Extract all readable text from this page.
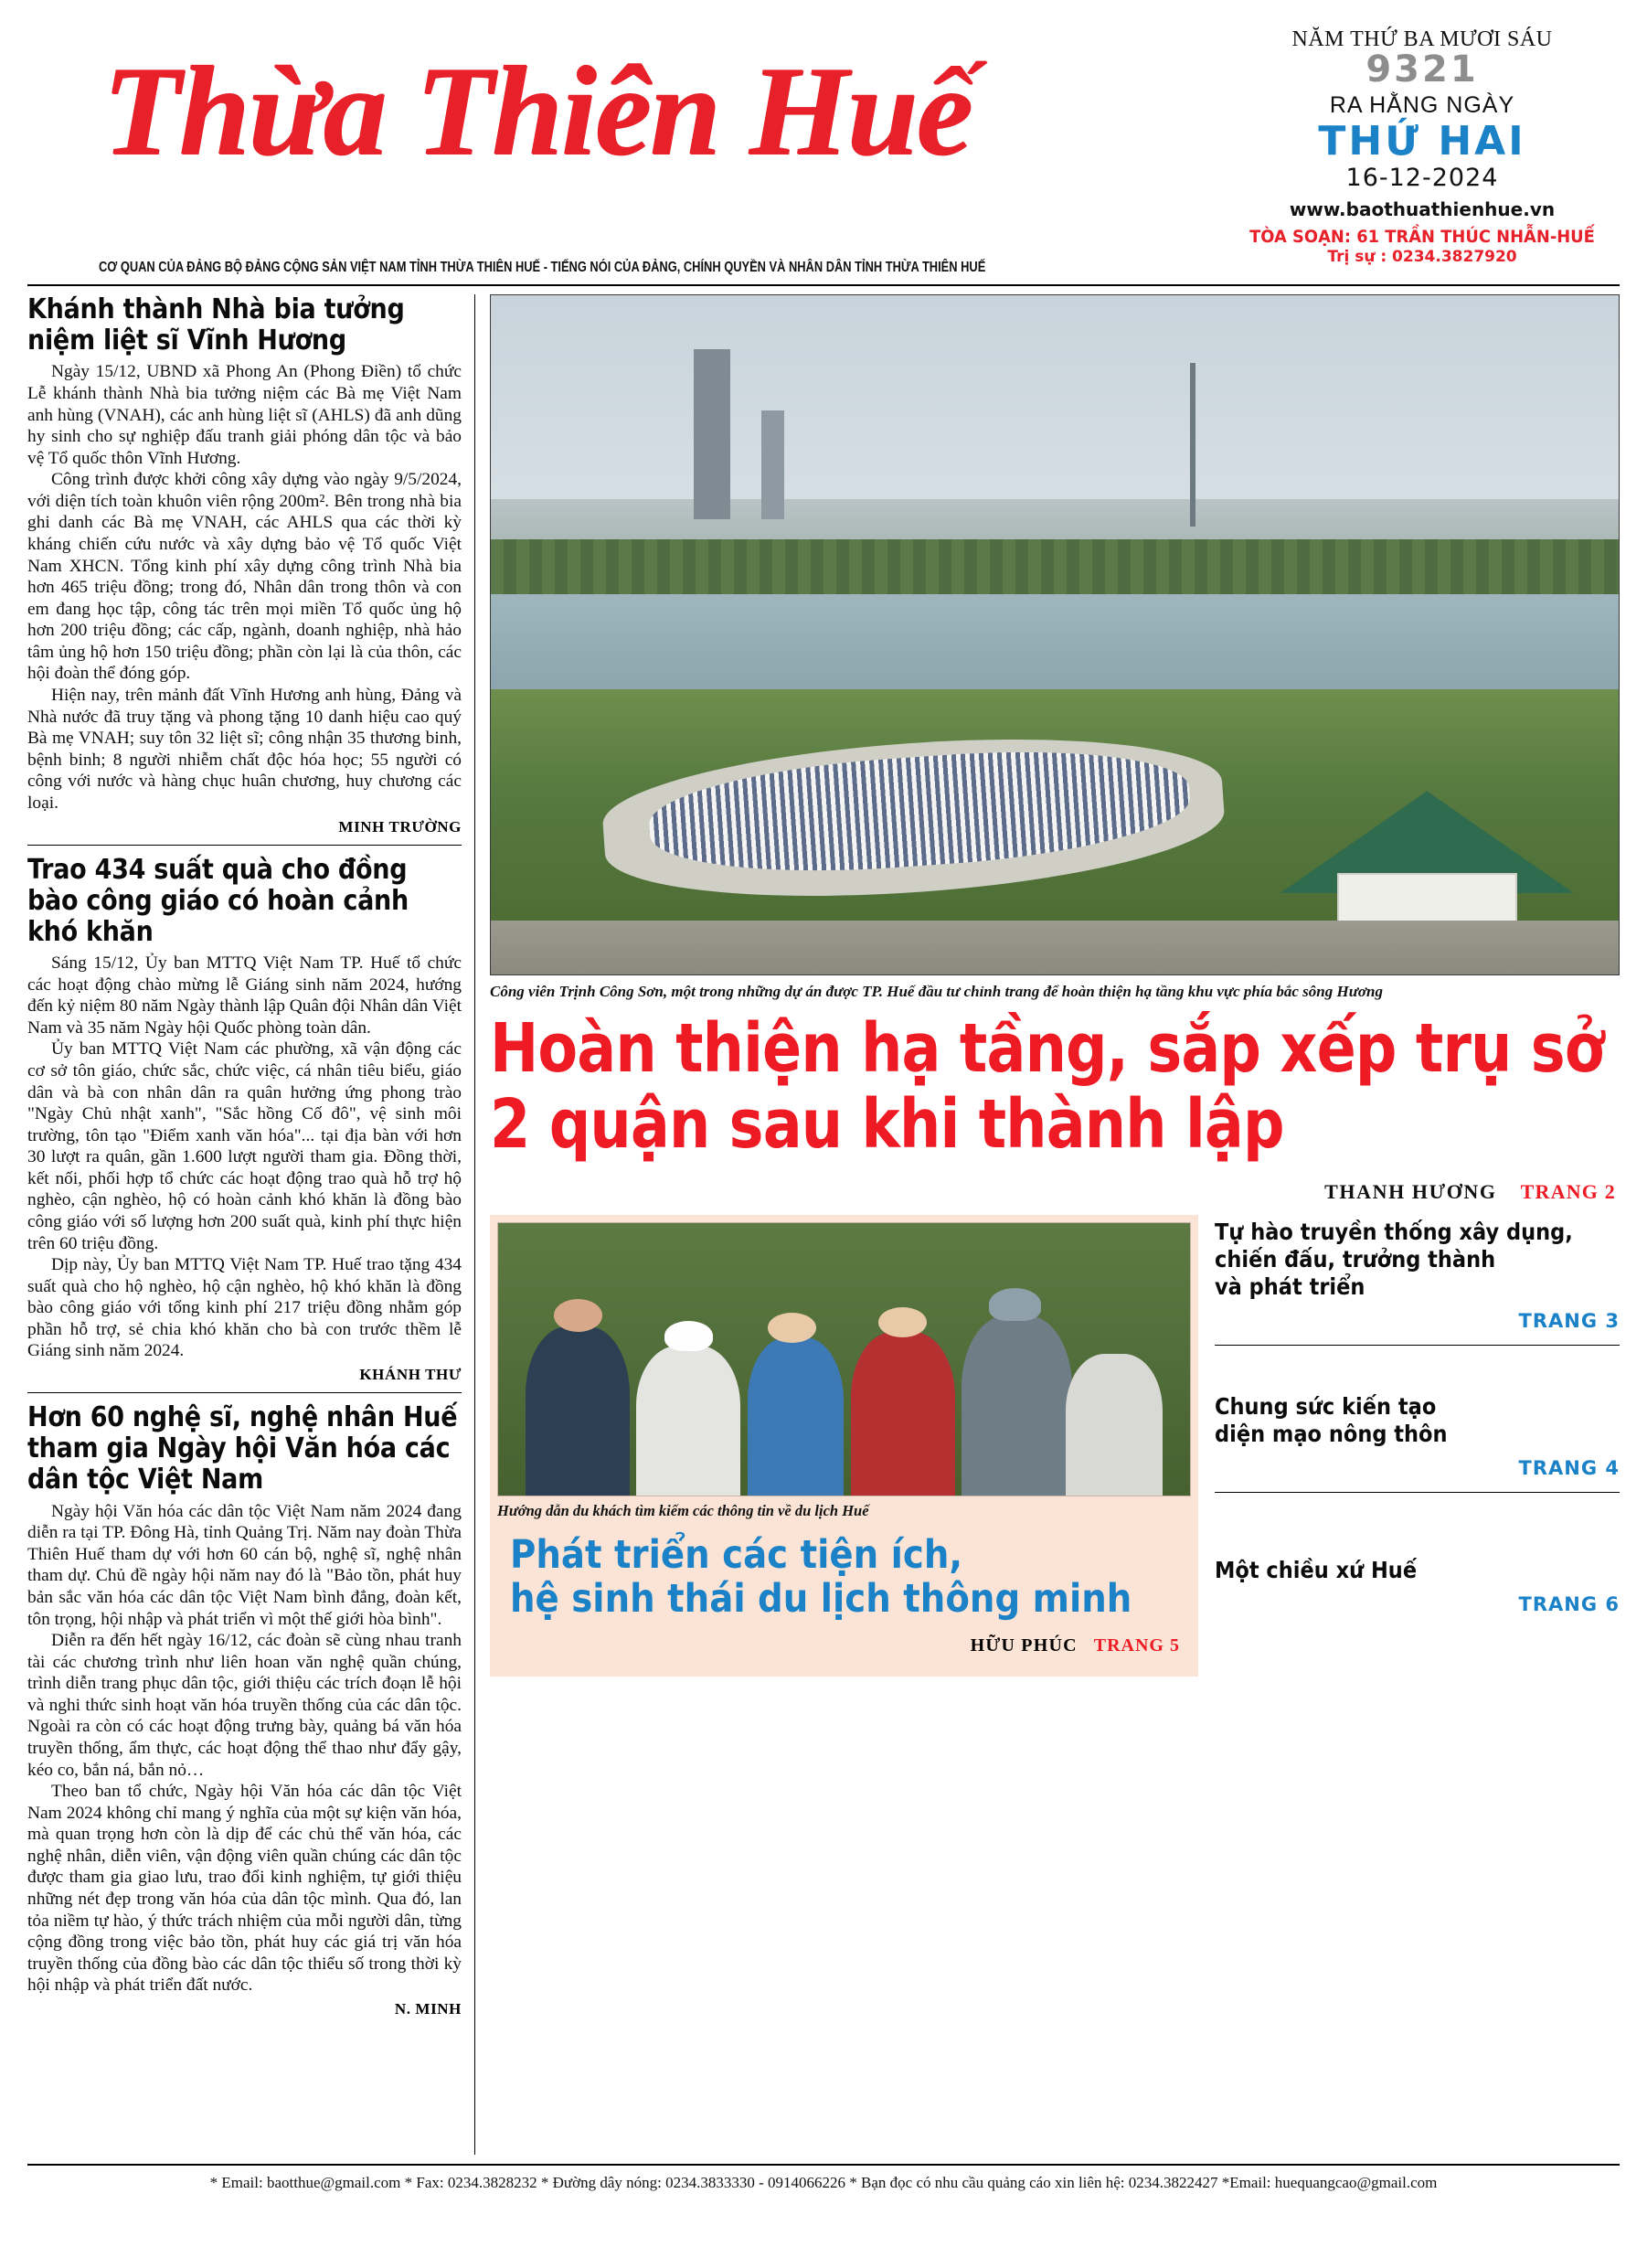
Thừa Thiên Huế
NĂM THỨ BA MƯƠI SÁU
9321
RA HẰNG NGÀY
THỨ HAI
16-12-2024
www.baothuathienhue.vn
TÒA SOẠN: 61 TRẦN THÚC NHẪN-HUẾ
Trị sự : 0234.3827920
CƠ QUAN CỦA ĐẢNG BỘ ĐẢNG CỘNG SẢN VIỆT NAM TỈNH THỪA THIÊN HUẾ - TIẾNG NÓI CỦA ĐẢNG, CHÍNH QUYỀN VÀ NHÂN DÂN TỈNH THỪA THIÊN HUẾ
Khánh thành Nhà bia tưởng niệm liệt sĩ Vĩnh Hương

Ngày 15/12, UBND xã Phong An (Phong Điền) tổ chức Lễ khánh thành Nhà bia tưởng niệm các Bà mẹ Việt Nam anh hùng (VNAH), các anh hùng liệt sĩ (AHLS) đã anh dũng hy sinh cho sự nghiệp đấu tranh giải phóng dân tộc và bảo vệ Tổ quốc thôn Vĩnh Hương.

Công trình được khởi công xây dựng vào ngày 9/5/2024, với diện tích toàn khuôn viên rộng 200m². Bên trong nhà bia ghi danh các Bà mẹ VNAH, các AHLS qua các thời kỳ kháng chiến cứu nước và xây dựng bảo vệ Tổ quốc Việt Nam XHCN. Tổng kinh phí xây dựng công trình Nhà bia hơn 465 triệu đồng; trong đó, Nhân dân trong thôn và con em đang học tập, công tác trên mọi miền Tổ quốc ủng hộ hơn 200 triệu đồng; các cấp, ngành, doanh nghiệp, nhà hảo tâm ủng hộ hơn 150 triệu đồng; phần còn lại là của thôn, các hội đoàn thể đóng góp.

Hiện nay, trên mảnh đất Vĩnh Hương anh hùng, Đảng và Nhà nước đã truy tặng và phong tặng 10 danh hiệu cao quý Bà mẹ VNAH; suy tôn 32 liệt sĩ; công nhận 35 thương binh, bệnh binh; 8 người nhiễm chất độc hóa học; 55 người có công với nước và hàng chục huân chương, huy chương các loại.

MINH TRƯỜNG
Trao 434 suất quà cho đồng bào công giáo có hoàn cảnh khó khăn

Sáng 15/12, Ủy ban MTTQ Việt Nam TP. Huế tổ chức các hoạt động chào mừng lễ Giáng sinh năm 2024, hướng đến kỷ niệm 80 năm Ngày thành lập Quân đội Nhân dân Việt Nam và 35 năm Ngày hội Quốc phòng toàn dân.

Ủy ban MTTQ Việt Nam các phường, xã vận động các cơ sở tôn giáo, chức sắc, chức việc, cá nhân tiêu biểu, giáo dân và bà con nhân dân ra quân hưởng ứng phong trào "Ngày Chủ nhật xanh", "Sắc hồng Cố đô", vệ sinh môi trường, tôn tạo "Điểm xanh văn hóa"... tại địa bàn với hơn 30 lượt ra quân, gần 1.600 lượt người tham gia. Đồng thời, kết nối, phối hợp tổ chức các hoạt động trao quà hỗ trợ hộ nghèo, cận nghèo, hộ có hoàn cảnh khó khăn là đồng bào công giáo với số lượng hơn 200 suất quà, kinh phí thực hiện trên 60 triệu đồng.

Dịp này, Ủy ban MTTQ Việt Nam TP. Huế trao tặng 434 suất quà cho hộ nghèo, hộ cận nghèo, hộ khó khăn là đồng bào công giáo với tổng kinh phí 217 triệu đồng nhằm góp phần hỗ trợ, sẻ chia khó khăn cho bà con trước thềm lễ Giáng sinh năm 2024.

KHÁNH THƯ
Hơn 60 nghệ sĩ, nghệ nhân Huế tham gia Ngày hội Văn hóa các dân tộc Việt Nam

Ngày hội Văn hóa các dân tộc Việt Nam năm 2024 đang diễn ra tại TP. Đông Hà, tỉnh Quảng Trị. Năm nay đoàn Thừa Thiên Huế tham dự với hơn 60 cán bộ, nghệ sĩ, nghệ nhân tham dự. Chủ đề ngày hội năm nay đó là "Bảo tồn, phát huy bản sắc văn hóa các dân tộc Việt Nam bình đẳng, đoàn kết, tôn trọng, hội nhập và phát triển vì một thế giới hòa bình".

Diễn ra đến hết ngày 16/12, các đoàn sẽ cùng nhau tranh tài các chương trình như liên hoan văn nghệ quần chúng, trình diễn trang phục dân tộc, giới thiệu các trích đoạn lễ hội và nghi thức sinh hoạt văn hóa truyền thống của các dân tộc. Ngoài ra còn có các hoạt động trưng bày, quảng bá văn hóa truyền thống, ẩm thực, các hoạt động thể thao như đẩy gậy, kéo co, bắn ná, bắn nỏ…

Theo ban tổ chức, Ngày hội Văn hóa các dân tộc Việt Nam 2024 không chỉ mang ý nghĩa của một sự kiện văn hóa, mà quan trọng hơn còn là dịp để các chủ thể văn hóa, các nghệ nhân, diễn viên, vận động viên quần chúng các dân tộc được tham gia giao lưu, trao đổi kinh nghiệm, tự giới thiệu những nét đẹp trong văn hóa của dân tộc mình. Qua đó, lan tỏa niềm tự hào, ý thức trách nhiệm của mỗi người dân, từng cộng đồng trong việc bảo tồn, phát huy các giá trị văn hóa truyền thống của đồng bào các dân tộc thiểu số trong thời kỳ hội nhập và phát triển đất nước.

N. MINH
Công viên Trịnh Công Sơn, một trong những dự án được TP. Huế đầu tư chỉnh trang để hoàn thiện hạ tầng khu vực phía bắc sông Hương
Hoàn thiện hạ tầng, sắp xếp trụ sở
2 quận sau khi thành lập
THANH HƯƠNG TRANG 2
Hướng dẫn du khách tìm kiếm các thông tin về du lịch Huế
Phát triển các tiện ích,
hệ sinh thái du lịch thông minh
HỮU PHÚC TRANG 5
Tự hào truyền thống xây dụng,
chiến đấu, trưởng thành
và phát triển
TRANG 3
Chung sức kiến tạo
diện mạo nông thôn
TRANG 4
Một chiều xứ Huế
TRANG 6
* Email: baotthue@gmail.com * Fax: 0234.3828232 * Đường dây nóng: 0234.3833330 - 0914066226 * Bạn đọc có nhu cầu quảng cáo xin liên hệ: 0234.3822427 *Email: huequangcao@gmail.com
